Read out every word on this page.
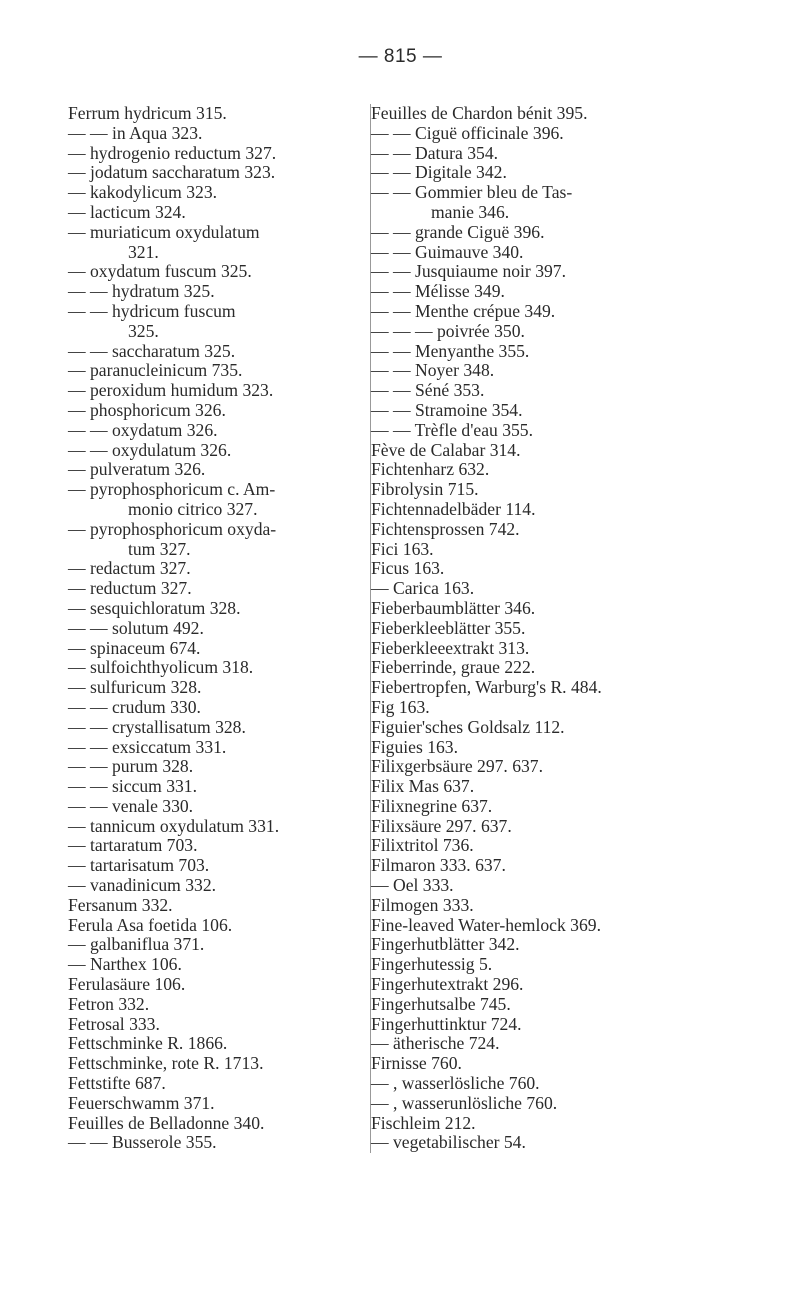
— 815 —
Ferrum hydricum 315.
— — in Aqua 323.
— hydrogenio reductum 327.
— jodatum saccharatum 323.
— kakodylicum 323.
— lacticum 324.
— muriaticum oxydulatum
321.
— oxydatum fuscum 325.
— — hydratum 325.
— — hydricum fuscum
325.
— — saccharatum 325.
— paranucleinicum 735.
— peroxidum humidum 323.
— phosphoricum 326.
— — oxydatum 326.
— — oxydulatum 326.
— pulveratum 326.
— pyrophosphoricum c. Am-
monio citrico 327.
— pyrophosphoricum oxyda-
tum 327.
— redactum 327.
— reductum 327.
— sesquichloratum 328.
— — solutum 492.
— spinaceum 674.
— sulfoichthyolicum 318.
— sulfuricum 328.
— — crudum 330.
— — crystallisatum 328.
— — exsiccatum 331.
— — purum 328.
— — siccum 331.
— — venale 330.
— tannicum oxydulatum 331.
— tartaratum 703.
— tartarisatum 703.
— vanadinicum 332.
Fersanum 332.
Ferula Asa foetida 106.
— galbaniflua 371.
— Narthex 106.
Ferulasäure 106.
Fetron 332.
Fetrosal 333.
Fettschminke R. 1866.
Fettschminke, rote R. 1713.
Fettstifte 687.
Feuerschwamm 371.
Feuilles de Belladonne 340.
— — Busserole 355.
Feuilles de Chardon bénit 395.
— — Ciguë officinale 396.
— — Datura 354.
— — Digitale 342.
— — Gommier bleu de Tas-
manie 346.
— — grande Ciguë 396.
— — Guimauve 340.
— — Jusquiaume noir 397.
— — Mélisse 349.
— — Menthe crépue 349.
— — — poivrée 350.
— — Menyanthe 355.
— — Noyer 348.
— — Séné 353.
— — Stramoine 354.
— — Trèfle d'eau 355.
Fève de Calabar 314.
Fichtenharz 632.
Fibrolysin 715.
Fichtennadelbäder 114.
Fichtensprossen 742.
Fici 163.
Ficus 163.
— Carica 163.
Fieberbaumblätter 346.
Fieberkleeblätter 355.
Fieberkleeextrakt 313.
Fieberrinde, graue 222.
Fiebertropfen, Warburg's R. 484.
Fig 163.
Figuier'sches Goldsalz 112.
Figuies 163.
Filixgerbsäure 297. 637.
Filix Mas 637.
Filixnegrine 637.
Filixsäure 297. 637.
Filixtritol 736.
Filmaron 333. 637.
— Oel 333.
Filmogen 333.
Fine-leaved Water-hemlock 369.
Fingerhutblätter 342.
Fingerhutessig 5.
Fingerhutextrakt 296.
Fingerhutsalbe 745.
Fingerhuttinktur 724.
— ätherische 724.
Firnisse 760.
— , wasserlösliche 760.
— , wasserunlösliche 760.
Fischleim 212.
— vegetabilischer 54.
